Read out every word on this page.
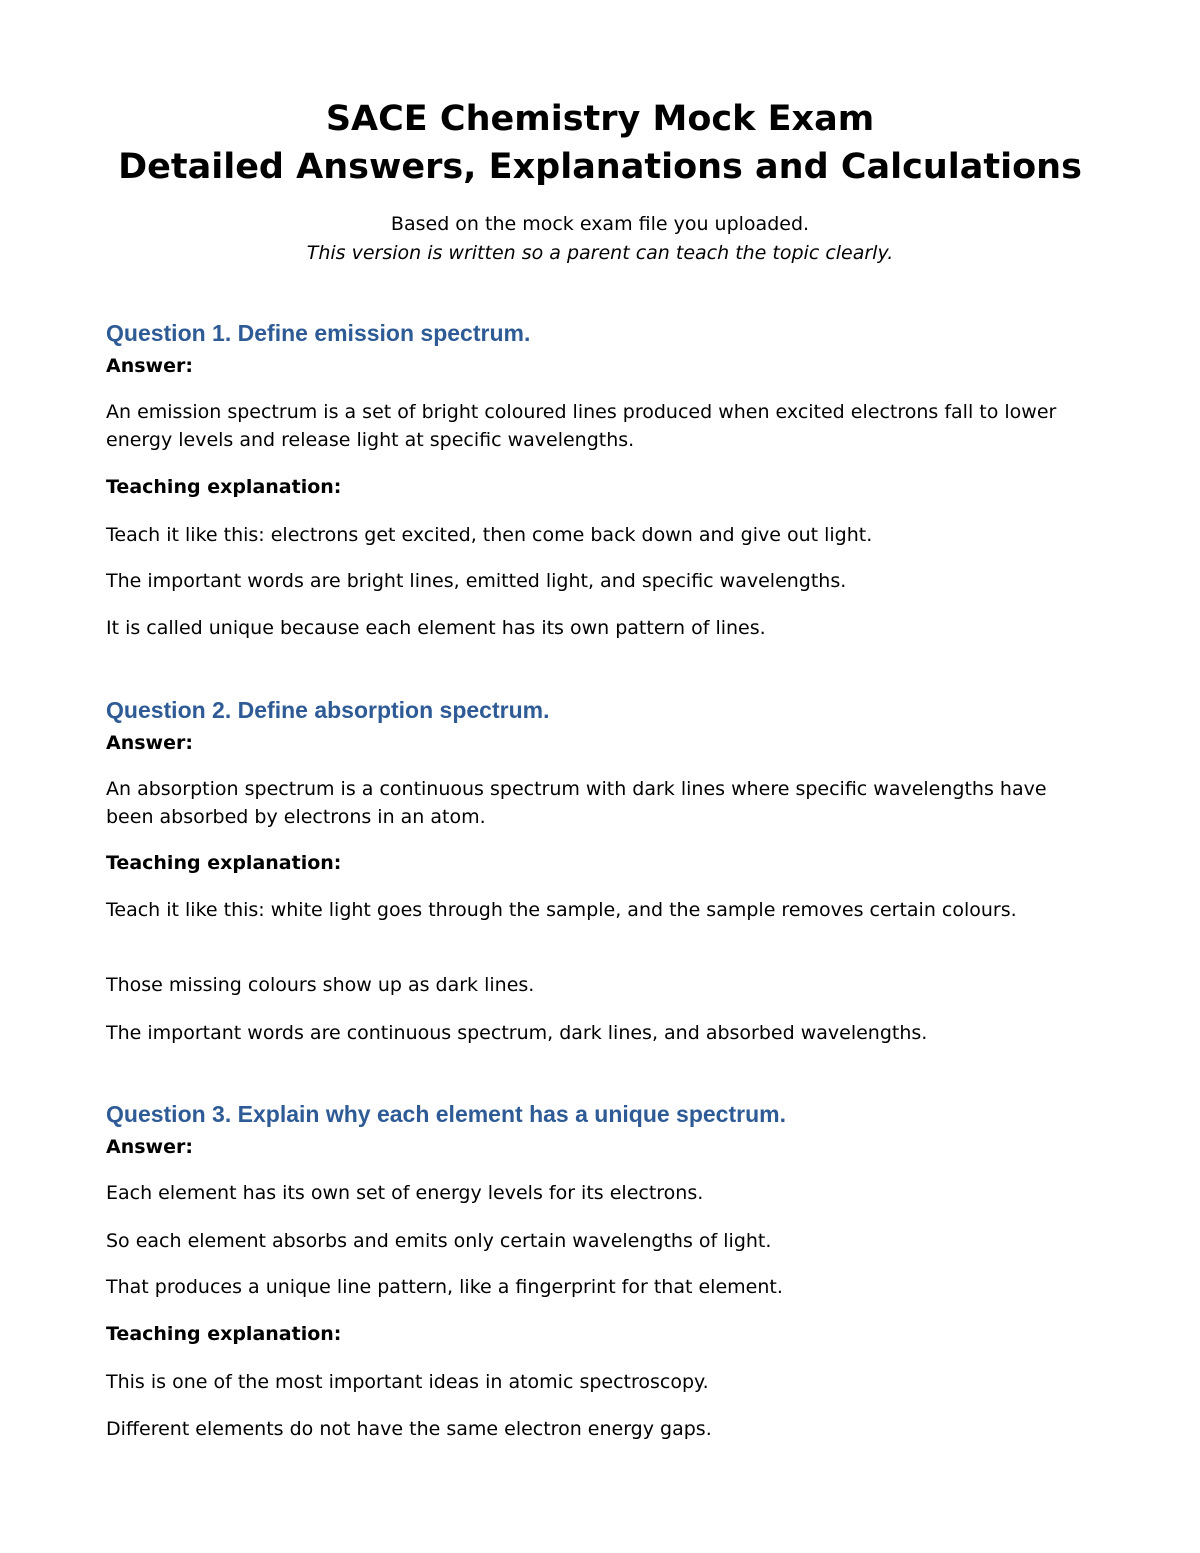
SACE Chemistry Mock Exam
Detailed Answers, Explanations and Calculations

Based on the mock exam file you uploaded.

This version is written so a parent can teach the topic clearly.

Question 1. Define emission spectrum.

Answer:

An emission spectrum is a set of bright coloured lines produced when excited electrons fall to lower energy levels and release light at specific wavelengths.

Teaching explanation:

Teach it like this: electrons get excited, then come back down and give out light.

The important words are bright lines, emitted light, and specific wavelengths.

It is called unique because each element has its own pattern of lines.

Question 2. Define absorption spectrum.

Answer:

An absorption spectrum is a continuous spectrum with dark lines where specific wavelengths have been absorbed by electrons in an atom.

Teaching explanation:

Teach it like this: white light goes through the sample, and the sample removes certain colours.

Those missing colours show up as dark lines.

The important words are continuous spectrum, dark lines, and absorbed wavelengths.

Question 3. Explain why each element has a unique spectrum.

Answer:

Each element has its own set of energy levels for its electrons.

So each element absorbs and emits only certain wavelengths of light.

That produces a unique line pattern, like a fingerprint for that element.

Teaching explanation:

This is one of the most important ideas in atomic spectroscopy.

Different elements do not have the same electron energy gaps.
